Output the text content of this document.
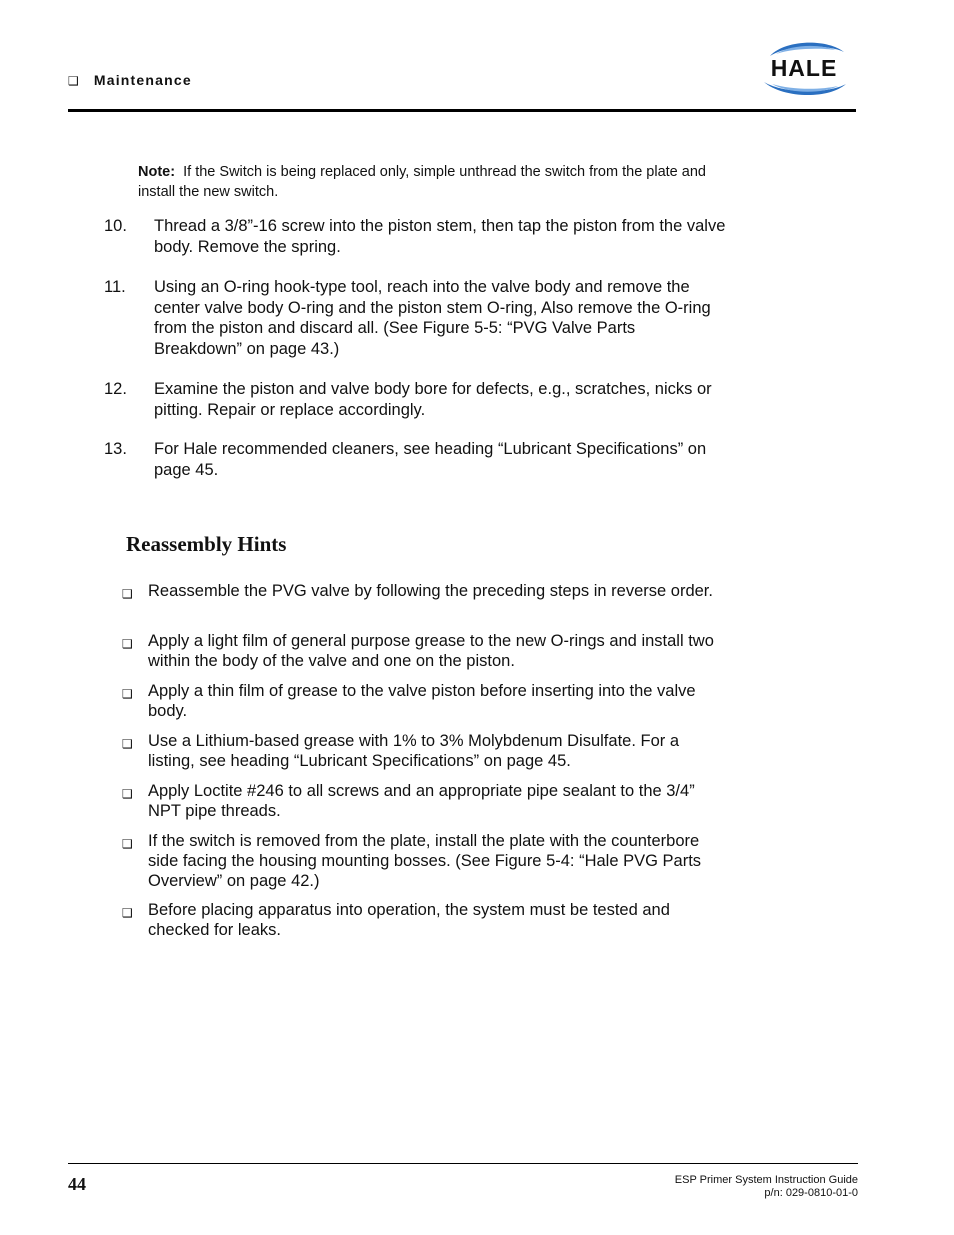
❑ Maintenance	HALE
Note: If the Switch is being replaced only, simple unthread the switch from the plate and install the new switch.
10. Thread a 3/8”-16 screw into the piston stem, then tap the piston from the valve body. Remove the spring.
11. Using an O-ring hook-type tool, reach into the valve body and remove the center valve body O-ring and the piston stem O-ring, Also remove the O-ring from the piston and discard all. (See Figure 5-5: “PVG Valve Parts Breakdown” on page 43.)
12. Examine the piston and valve body bore for defects, e.g., scratches, nicks or pitting. Repair or replace accordingly.
13. For Hale recommended cleaners, see heading “Lubricant Specifications” on page 45.
Reassembly Hints
❑ Reassemble the PVG valve by following the preceding steps in reverse order.
❑ Apply a light film of general purpose grease to the new O-rings and install two within the body of the valve and one on the piston.
❑ Apply a thin film of grease to the valve piston before inserting into the valve body.
❑ Use a Lithium-based grease with 1% to 3% Molybdenum Disulfate. For a listing, see heading “Lubricant Specifications” on page 45.
❑ Apply Loctite #246 to all screws and an appropriate pipe sealant to the 3/4” NPT pipe threads.
❑ If the switch is removed from the plate, install the plate with the counterbore side facing the housing mounting bosses. (See Figure 5-4: “Hale PVG Parts Overview” on page 42.)
❑ Before placing apparatus into operation, the system must be tested and checked for leaks.
44	ESP Primer System Instruction Guide
p/n: 029-0810-01-0
